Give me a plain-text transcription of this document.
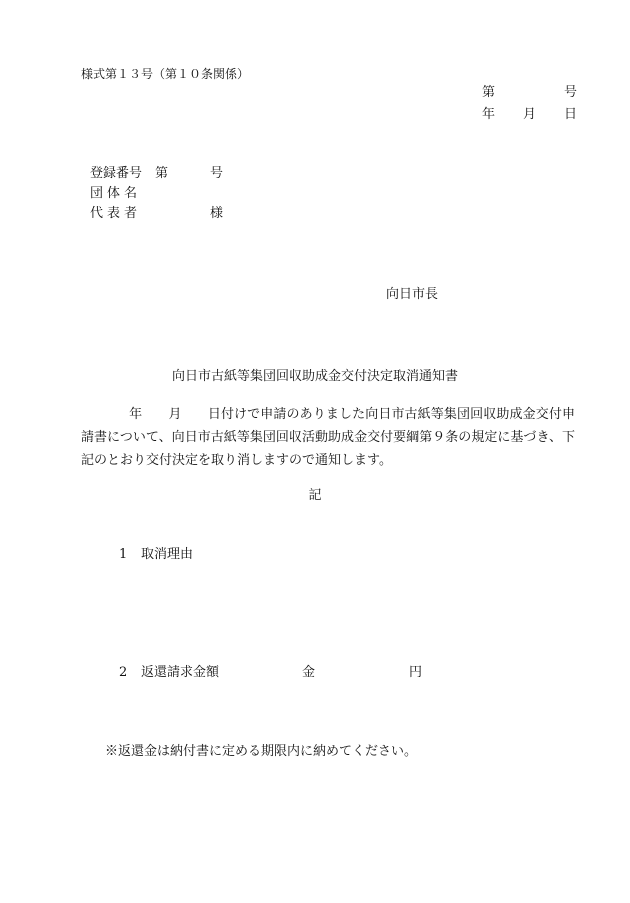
様式第１３号（第１０条関係）
第	号
年 月 日
登録番号 第	号
団体名
代表者	様
向日市長
向日市古紙等集団回収助成金交付決定取消通知書
年　　 月　　 日付けで申請のありました向日市古紙等集団回収助成金交付申請書について、向日市古紙等集団回収活動助成金交付要綱第９条の規定に基づき、下記のとおり交付決定を取り消しますので通知します。
記
1 取消理由
2 返還請求金額	金	円
※返還金は納付書に定める期限内に納めてください。
